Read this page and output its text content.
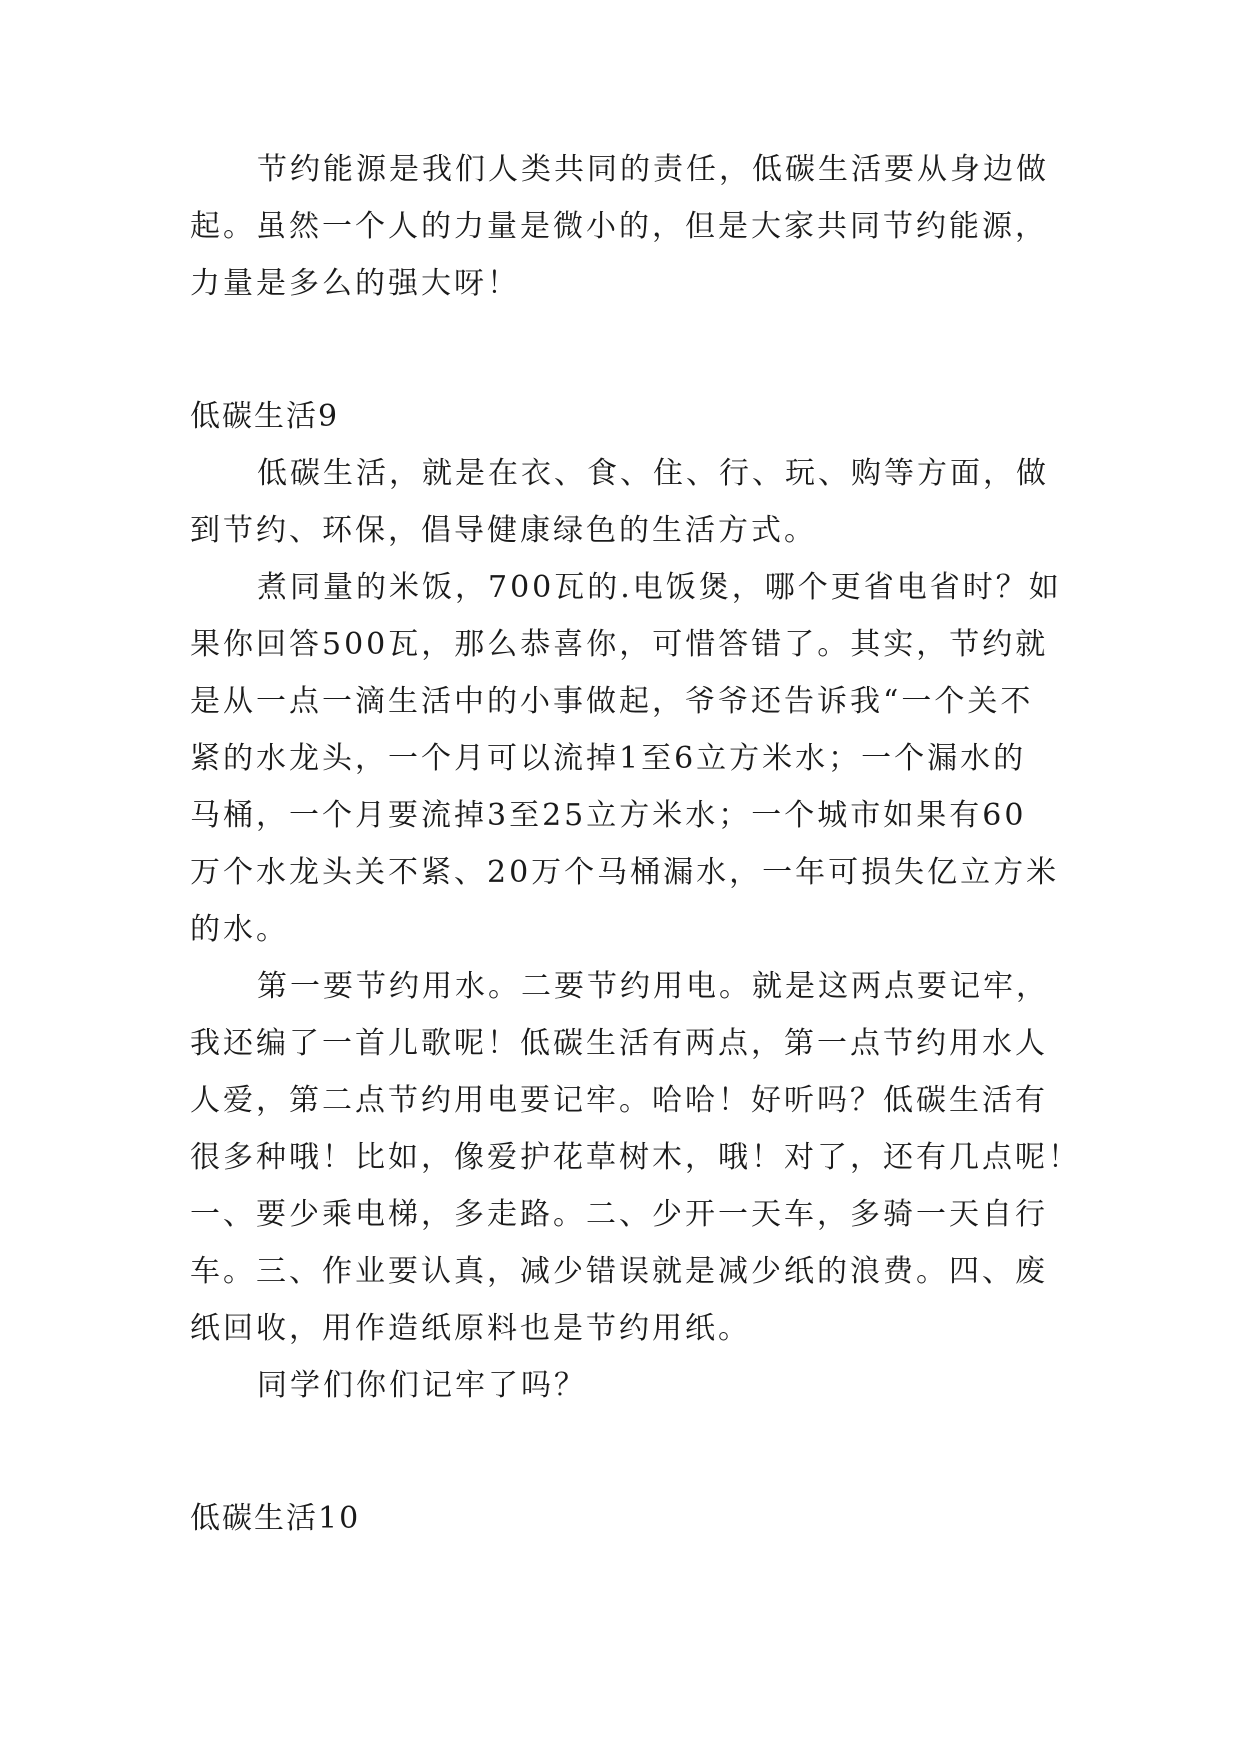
节约能源是我们人类共同的责任，低碳生活要从身边做
起。虽然一个人的力量是微小的，但是大家共同节约能源，
力量是多么的强大呀！
低碳生活9
低碳生活，就是在衣、食、住、行、玩、购等方面，做
到节约、环保，倡导健康绿色的生活方式。
煮同量的米饭，700瓦的.电饭煲，哪个更省电省时？如
果你回答500瓦，那么恭喜你，可惜答错了。其实，节约就
是从一点一滴生活中的小事做起，爷爷还告诉我“一个关不
紧的水龙头，一个月可以流掉1至6立方米水；一个漏水的
马桶，一个月要流掉3至25立方米水；一个城市如果有60
万个水龙头关不紧、20万个马桶漏水，一年可损失亿立方米
的水。
第一要节约用水。二要节约用电。就是这两点要记牢，
我还编了一首儿歌呢！低碳生活有两点，第一点节约用水人
人爱，第二点节约用电要记牢。哈哈！好听吗？低碳生活有
很多种哦！比如，像爱护花草树木，哦！对了，还有几点呢！
一、要少乘电梯，多走路。二、少开一天车，多骑一天自行
车。三、作业要认真，减少错误就是减少纸的浪费。四、废
纸回收，用作造纸原料也是节约用纸。
同学们你们记牢了吗？
低碳生活10
